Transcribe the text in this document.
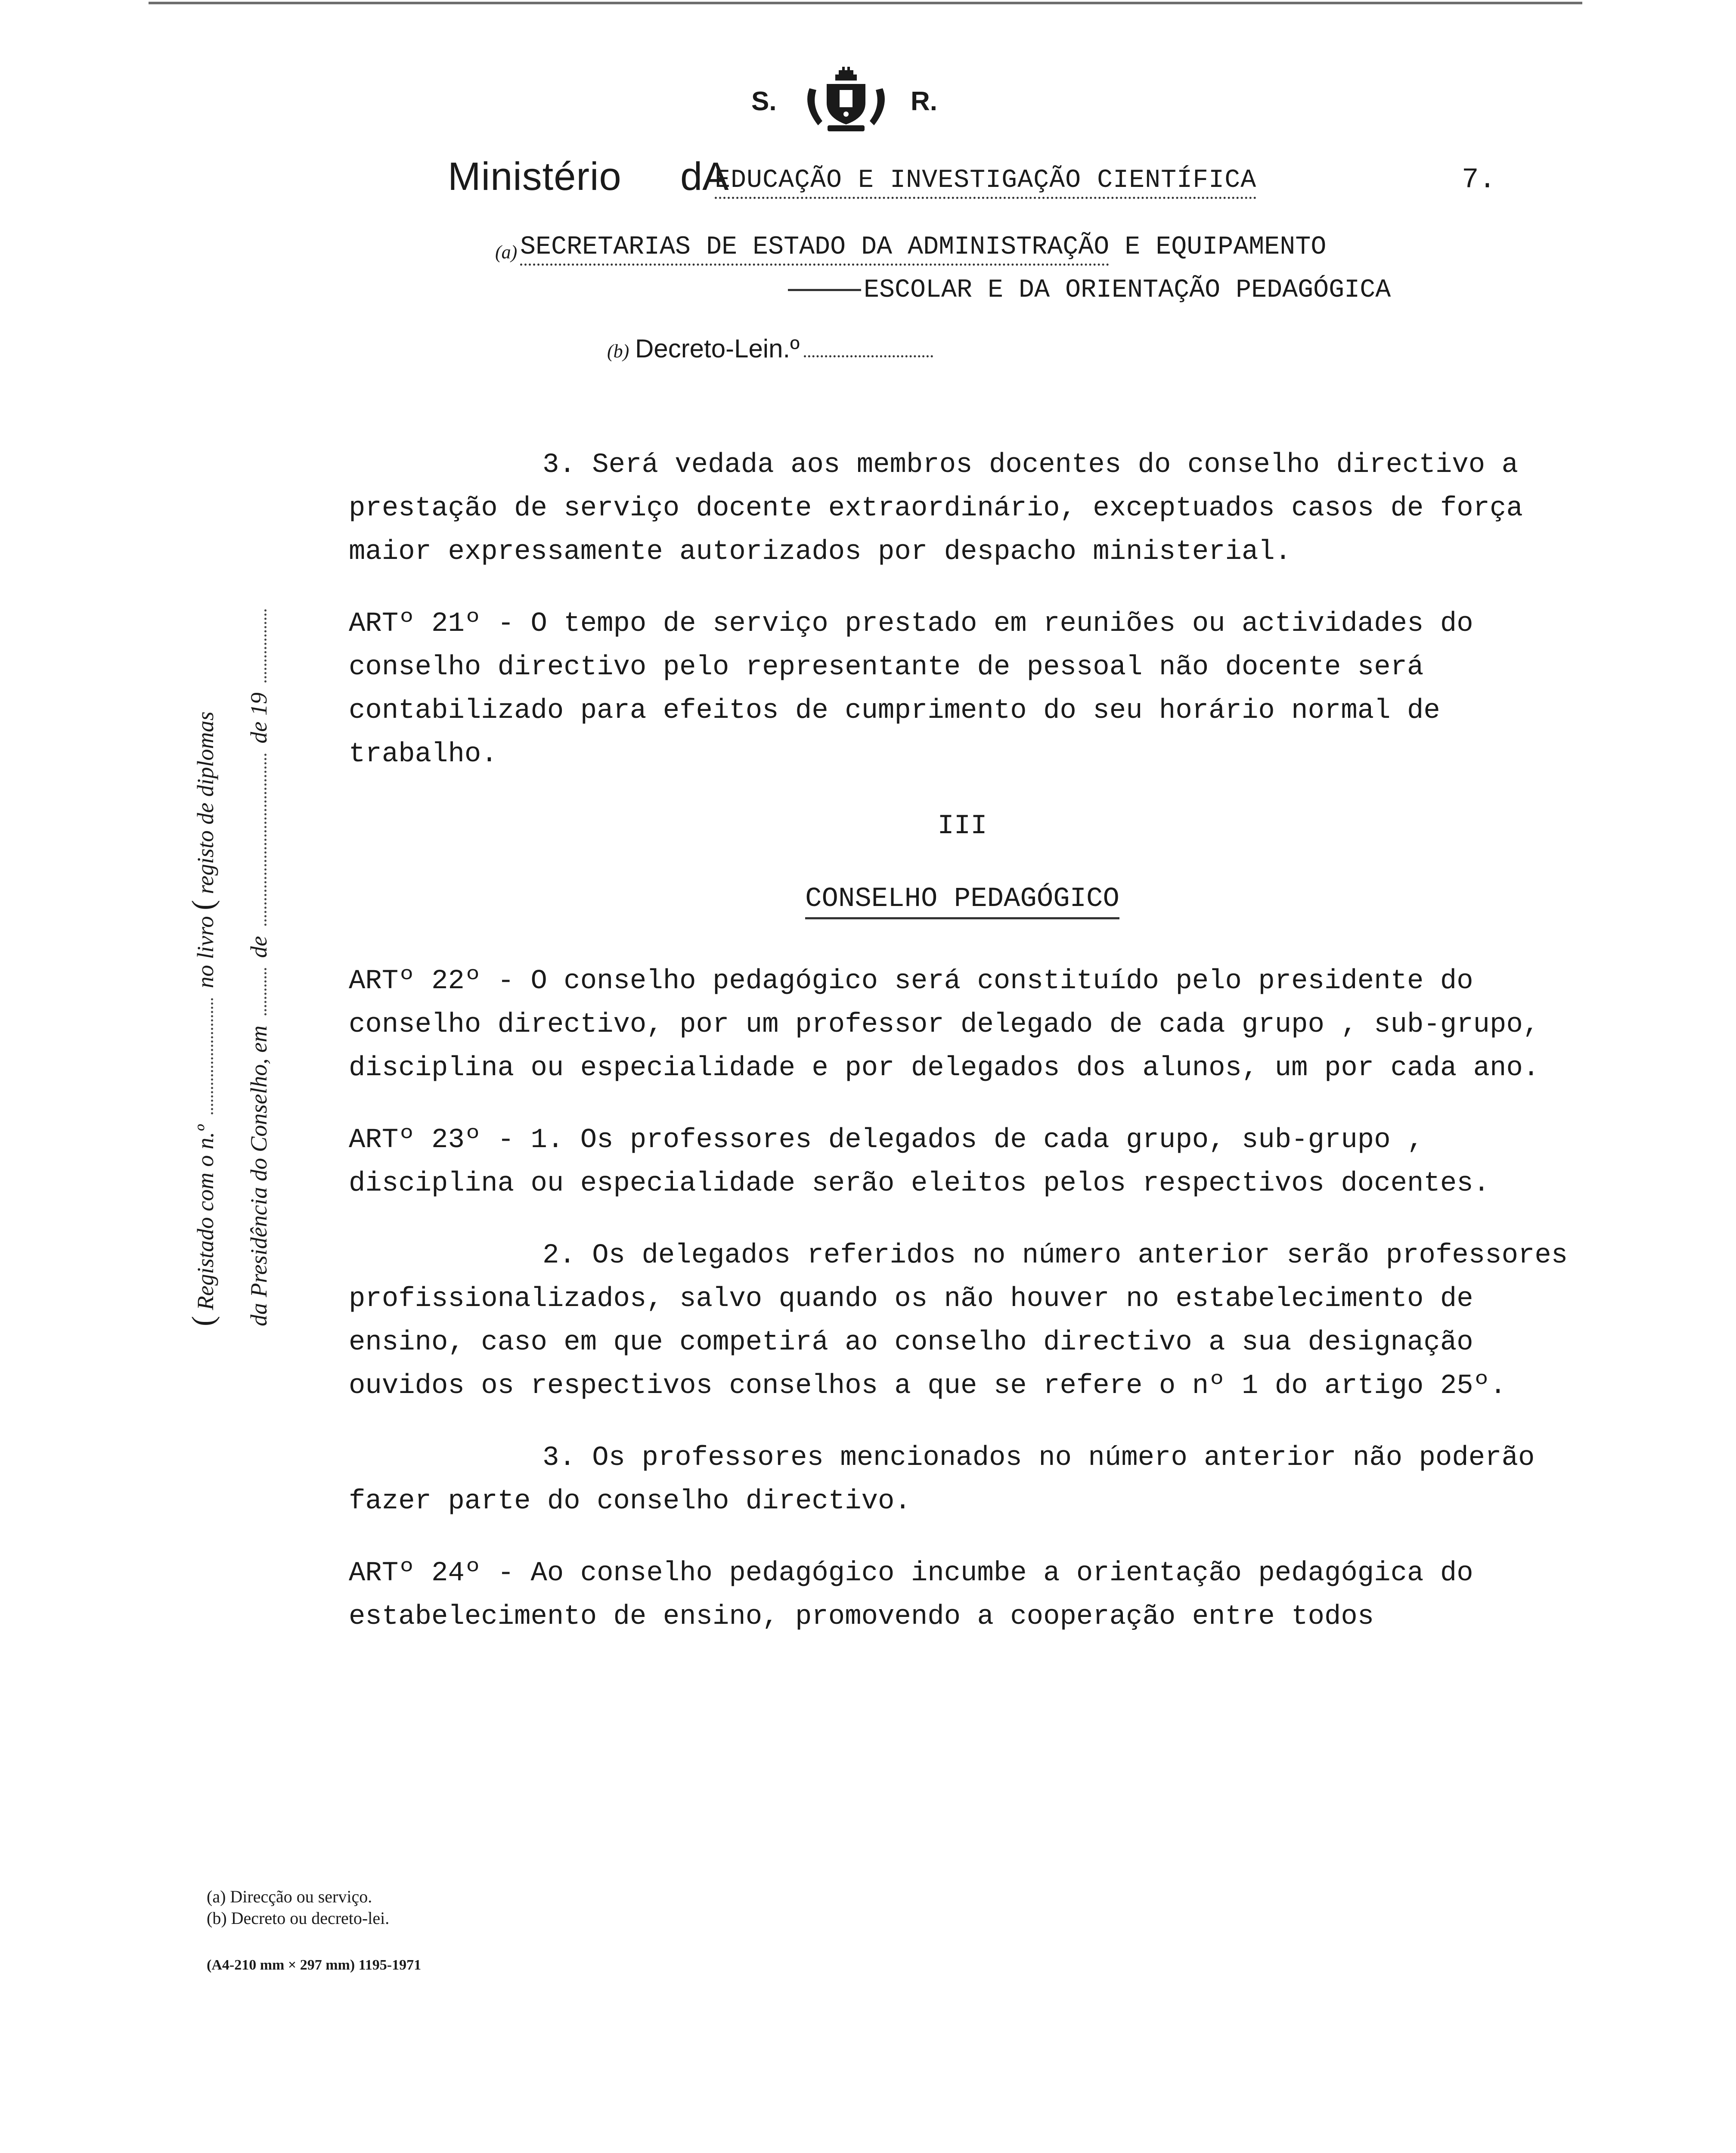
S.	R.
Ministério dA
EDUCAÇÃO E INVESTIGAÇÃO CIENTÍFICA	7.
(a) SECRETARIAS DE ESTADO DA ADMINISTRAÇÃO E EQUIPAMENTO
ESCOLAR E DA ORIENTAÇÃO PEDAGÓGICA
(b) Decreto-Lein.º
( Registado com o n.º  no livro ( registo de diplomas
da Presidência do Conselho, em  de  de 19

3. Será vedada aos membros docentes do conselho directivo a prestação de serviço docente extraordinário, exceptuados casos de força maior expressamente autorizados por despacho ministerial.

ARTº 21º - O tempo de serviço prestado em reuniões ou actividades do conselho directivo pelo representante de pessoal não docente será contabilizado para efeitos de cumprimento do seu horário normal de trabalho.

III

CONSELHO PEDAGÓGICO

ARTº 22º - O conselho pedagógico será constituído pelo presidente do conselho directivo, por um professor delegado de cada grupo , sub-grupo, disciplina ou especialidade e por delegados dos alunos, um por cada ano.

ARTº 23º - 1. Os professores delegados de cada grupo, sub-grupo , disciplina ou especialidade serão eleitos pelos respectivos docentes.

2. Os delegados referidos no número anterior serão professores profissionalizados, salvo quando os não houver no estabelecimento de ensino, caso em que competirá ao conselho directivo a sua designação ouvidos os respectivos conselhos a que se refere o nº 1 do artigo 25º.

3. Os professores mencionados no número anterior não poderão fazer parte do conselho directivo.

ARTº 24º - Ao conselho pedagógico incumbe a orientação pedagógica do estabelecimento de ensino, promovendo a cooperação entre todos

(a) Direcção ou serviço.
(b) Decreto ou decreto-lei.
(A4-210 mm × 297 mm) 1195-1971
